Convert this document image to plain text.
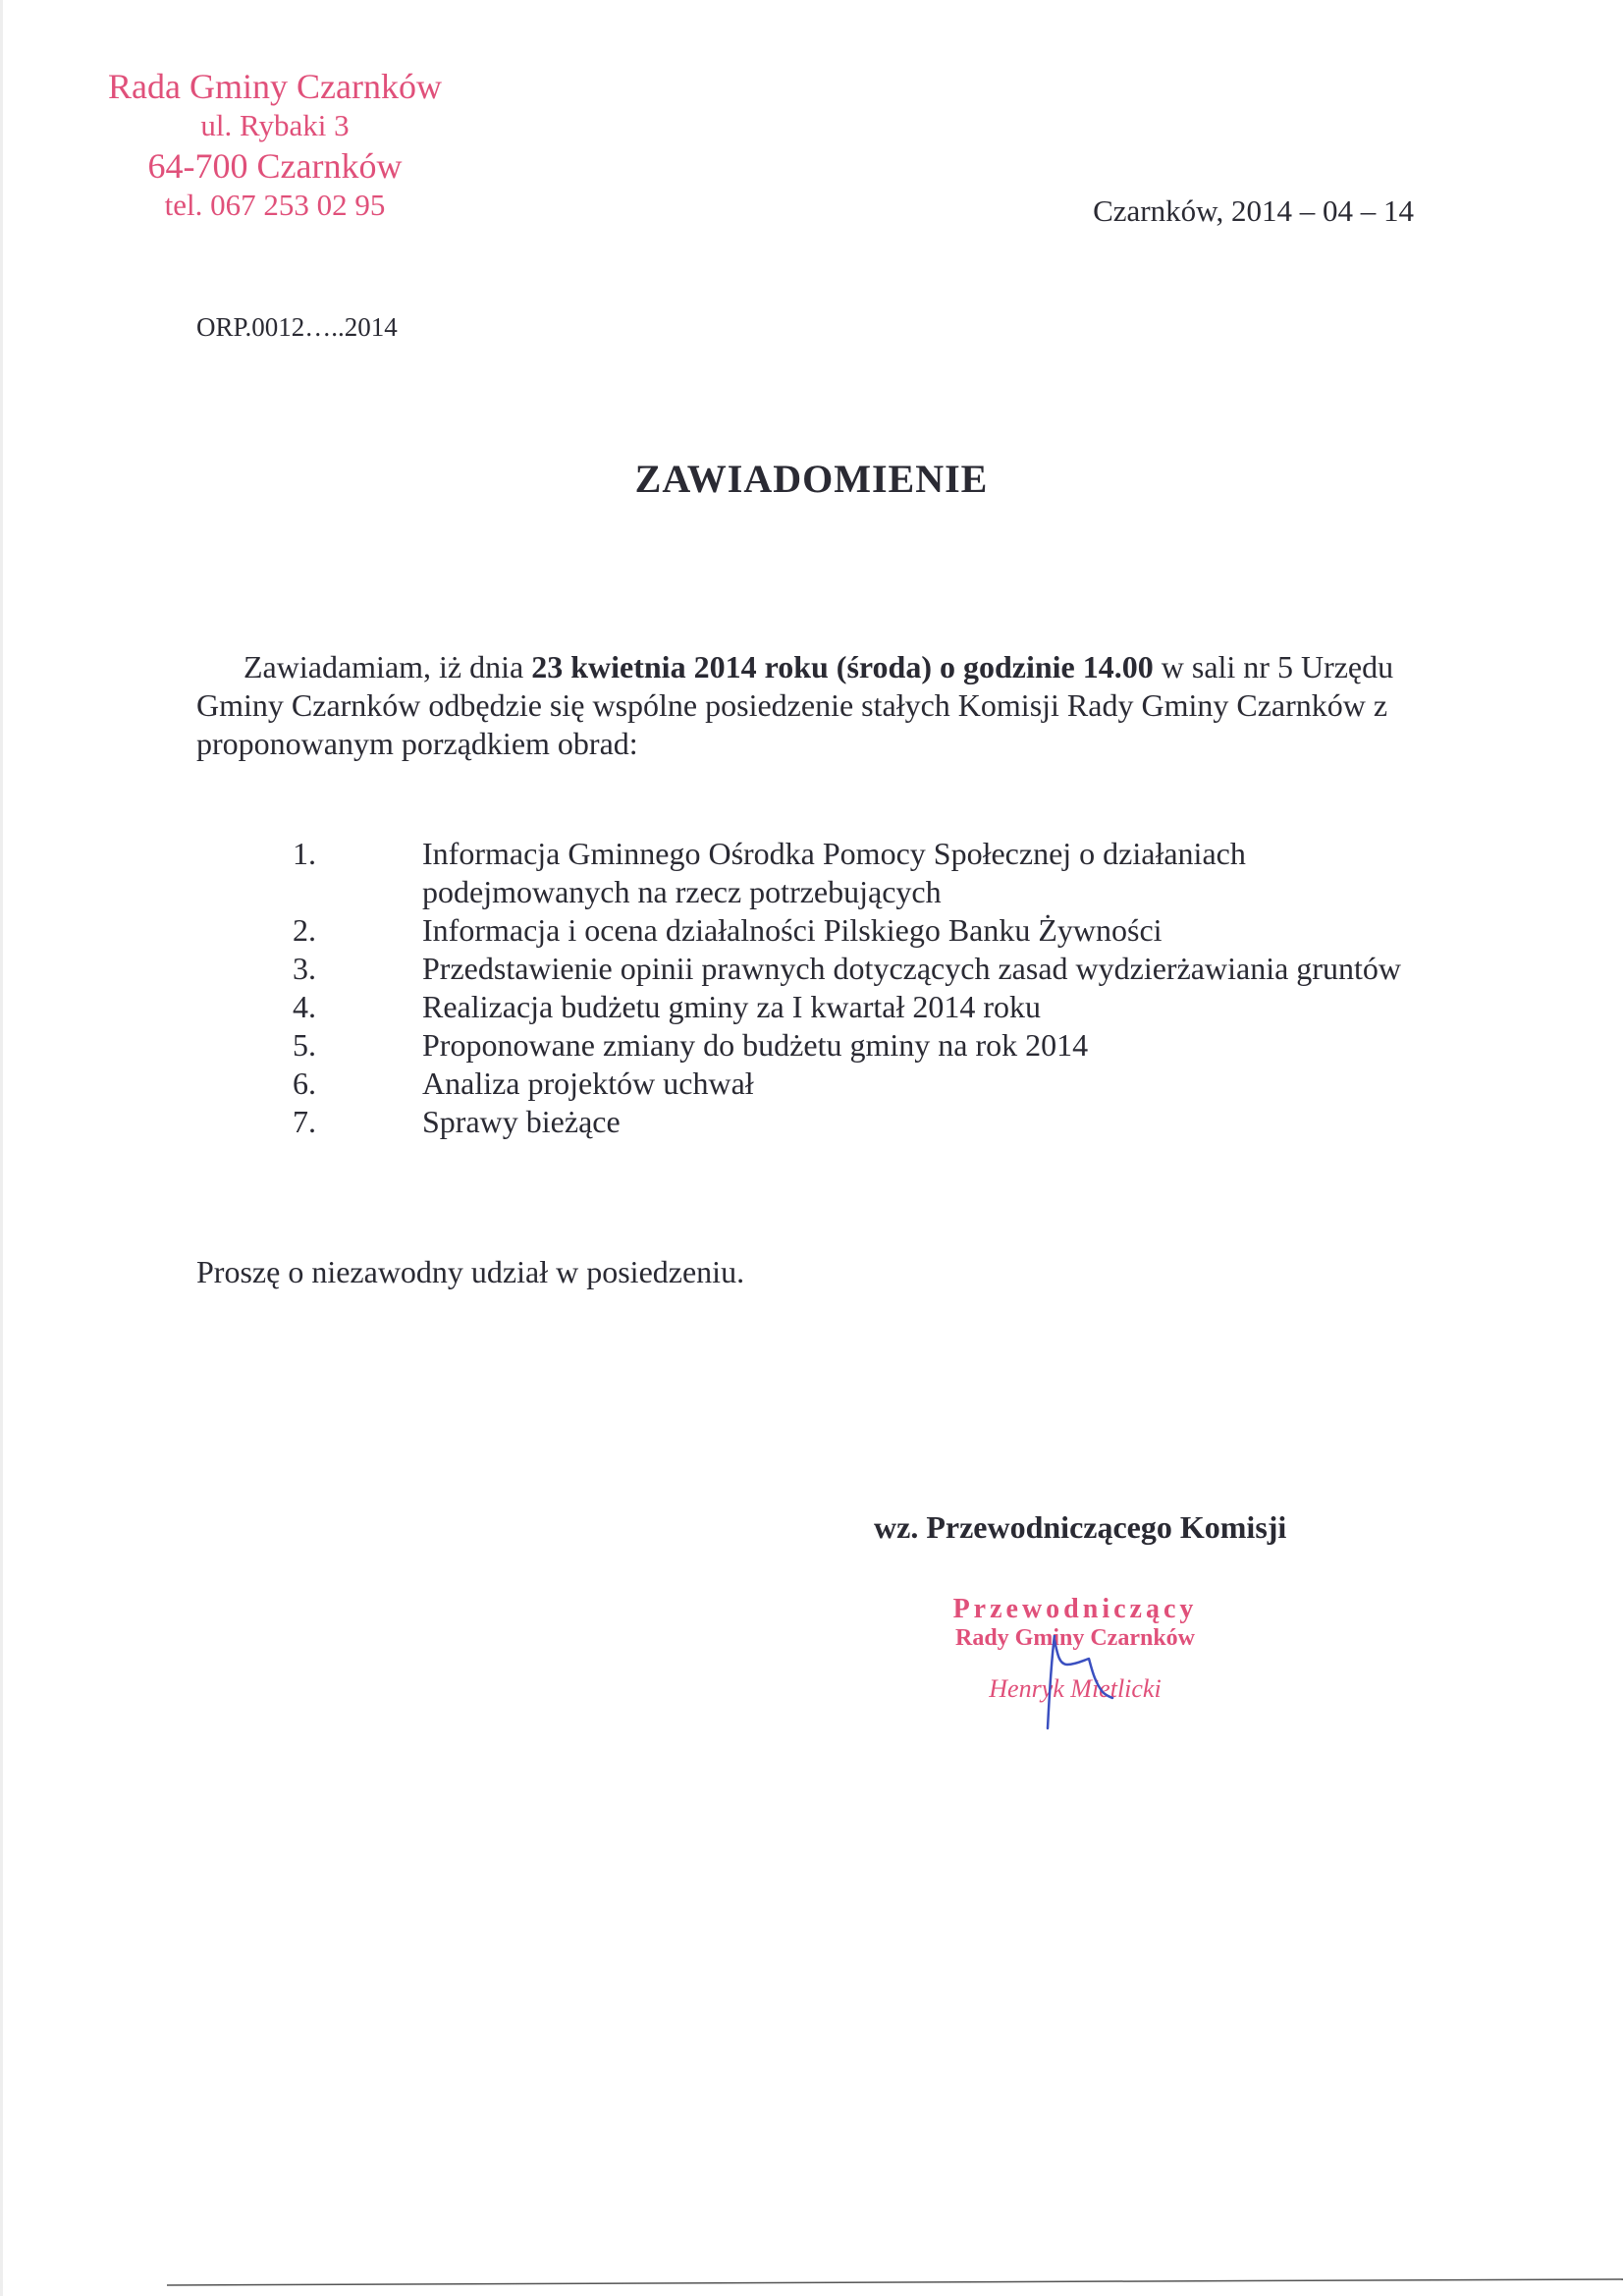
Rada Gminy Czarnków
ul. Rybaki 3
64-700 Czarnków
tel. 067 253 02 95	Czarnków, 2014 – 04 – 14
ORP.0012…..2014
ZAWIADOMIENIE
Zawiadamiam, iż dnia 23 kwietnia 2014 roku (środa) o godzinie 14.00 w sali nr 5 Urzędu Gminy Czarnków odbędzie się wspólne posiedzenie stałych Komisji Rady Gminy Czarnków z proponowanym porządkiem obrad:
1.	Informacja Gminnego Ośrodka Pomocy Społecznej o działaniach podejmowanych na rzecz potrzebujących
2.	Informacja i ocena działalności Pilskiego Banku Żywności
3.	Przedstawienie opinii prawnych dotyczących zasad wydzierżawiania gruntów
4.	Realizacja budżetu gminy za I kwartał 2014 roku
5.	Proponowane zmiany do budżetu gminy na rok 2014
6.	Analiza projektów uchwał
7.	Sprawy bieżące
Proszę o niezawodny udział w posiedzeniu.
wz. Przewodniczącego Komisji
Przewodniczący
Rady Gminy Czarnków
Henryk Mietlicki
